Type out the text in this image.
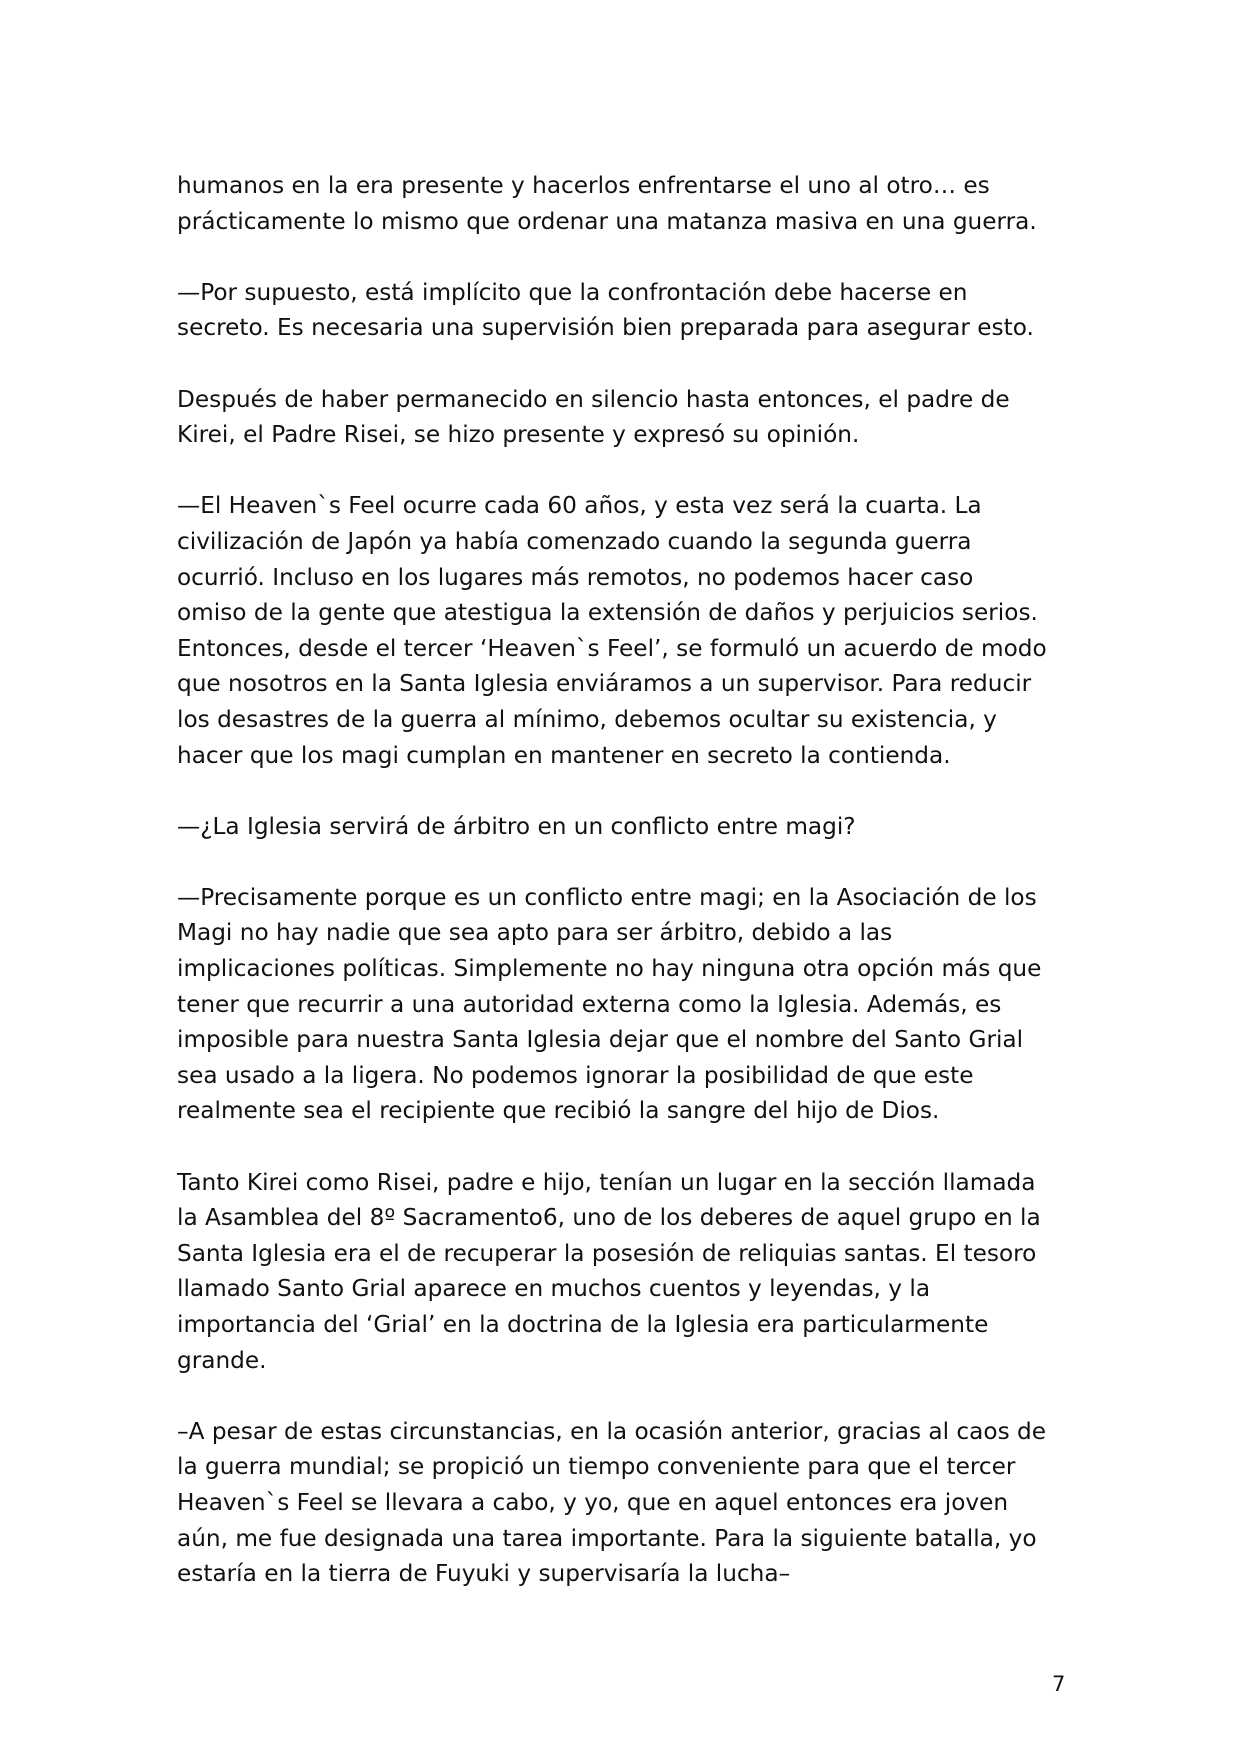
humanos en la era presente y hacerlos enfrentarse el uno al otro… es
prácticamente lo mismo que ordenar una matanza masiva en una guerra.

—Por supuesto, está implícito que la confrontación debe hacerse en
secreto. Es necesaria una supervisión bien preparada para asegurar esto.

Después de haber permanecido en silencio hasta entonces, el padre de
Kirei, el Padre Risei, se hizo presente y expresó su opinión.

—El Heaven`s Feel ocurre cada 60 años, y esta vez será la cuarta. La
civilización de Japón ya había comenzado cuando la segunda guerra
ocurrió. Incluso en los lugares más remotos, no podemos hacer caso
omiso de la gente que atestigua la extensión de daños y perjuicios serios.
Entonces, desde el tercer ‘Heaven`s Feel’, se formuló un acuerdo de modo
que nosotros en la Santa Iglesia enviáramos a un supervisor. Para reducir
los desastres de la guerra al mínimo, debemos ocultar su existencia, y
hacer que los magi cumplan en mantener en secreto la contienda.

—¿La Iglesia servirá de árbitro en un conflicto entre magi?

—Precisamente porque es un conflicto entre magi; en la Asociación de los
Magi no hay nadie que sea apto para ser árbitro, debido a las
implicaciones políticas. Simplemente no hay ninguna otra opción más que
tener que recurrir a una autoridad externa como la Iglesia. Además, es
imposible para nuestra Santa Iglesia dejar que el nombre del Santo Grial
sea usado a la ligera. No podemos ignorar la posibilidad de que este
realmente sea el recipiente que recibió la sangre del hijo de Dios.

Tanto Kirei como Risei, padre e hijo, tenían un lugar en la sección llamada
la Asamblea del 8º Sacramento6, uno de los deberes de aquel grupo en la
Santa Iglesia era el de recuperar la posesión de reliquias santas. El tesoro
llamado Santo Grial aparece en muchos cuentos y leyendas, y la
importancia del ‘Grial’ en la doctrina de la Iglesia era particularmente
grande.

–A pesar de estas circunstancias, en la ocasión anterior, gracias al caos de
la guerra mundial; se propició un tiempo conveniente para que el tercer
Heaven`s Feel se llevara a cabo, y yo, que en aquel entonces era joven
aún, me fue designada una tarea importante. Para la siguiente batalla, yo
estaría en la tierra de Fuyuki y supervisaría la lucha–

7
